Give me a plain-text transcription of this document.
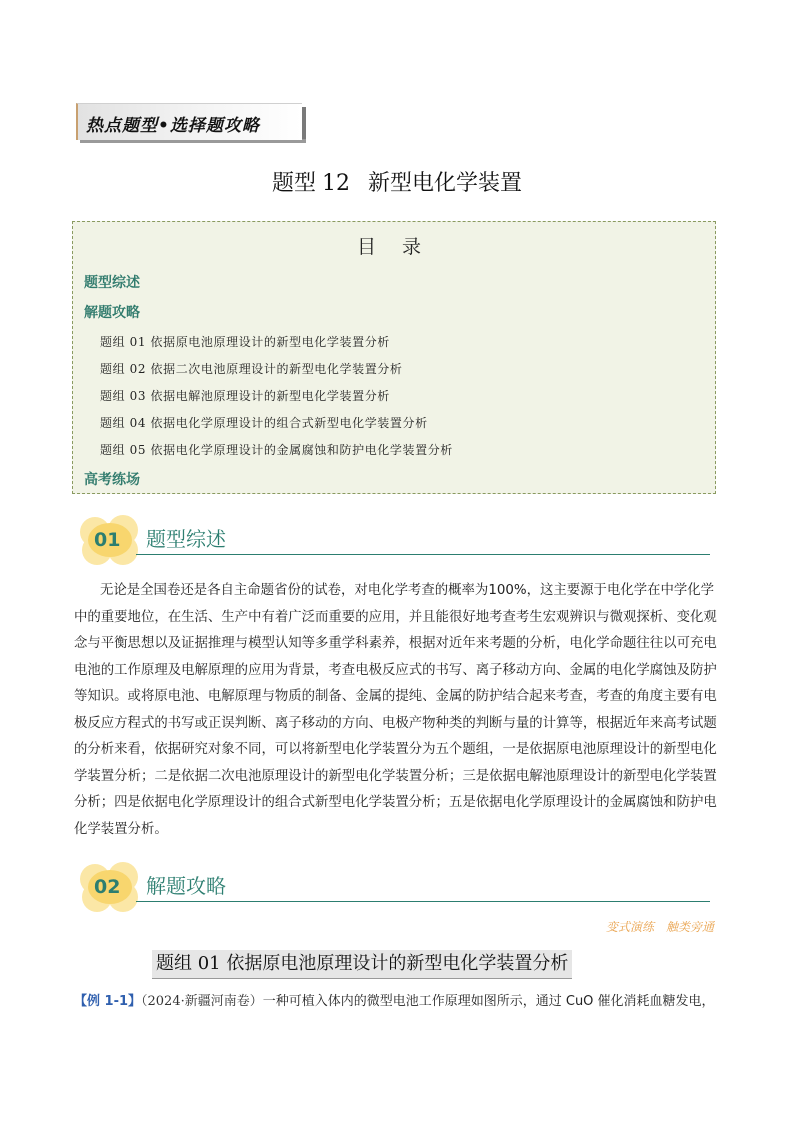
热点题型•选择题攻略
题型 12 新型电化学装置
目 录
题型综述
解题攻略
题组 01 依据原电池原理设计的新型电化学装置分析
题组 02 依据二次电池原理设计的新型电化学装置分析
题组 03 依据电解池原理设计的新型电化学装置分析
题组 04 依据电化学原理设计的组合式新型电化学装置分析
题组 05 依据电化学原理设计的金属腐蚀和防护电化学装置分析
高考练场
01 题型综述

无论是全国卷还是各自主命题省份的试卷，对电化学考查的概率为100%，这主要源于电化学在中学化学中的重要地位，在生活、生产中有着广泛而重要的应用，并且能很好地考查考生宏观辨识与微观探析、变化观念与平衡思想以及证据推理与模型认知等多重学科素养，根据对近年来考题的分析，电化学命题往往以可充电电池的工作原理及电解原理的应用为背景，考查电极反应式的书写、离子移动方向、金属的电化学腐蚀及防护等知识。或将原电池、电解原理与物质的制备、金属的提纯、金属的防护结合起来考查，考查的角度主要有电极反应方程式的书写或正误判断、离子移动的方向、电极产物种类的判断与量的计算等，根据近年来高考试题的分析来看，依据研究对象不同，可以将新型电化学装置分为五个题组，一是依据原电池原理设计的新型电化学装置分析；二是依据二次电池原理设计的新型电化学装置分析；三是依据电解池原理设计的新型电化学装置分析；四是依据电化学原理设计的组合式新型电化学装置分析；五是依据电化学原理设计的金属腐蚀和防护电化学装置分析。

02 解题攻略
变式演练　触类旁通
题组 01 依据原电池原理设计的新型电化学装置分析
【例 1-1】（2024·新疆河南卷）一种可植入体内的微型电池工作原理如图所示，通过 CuO 催化消耗血糖发电，
